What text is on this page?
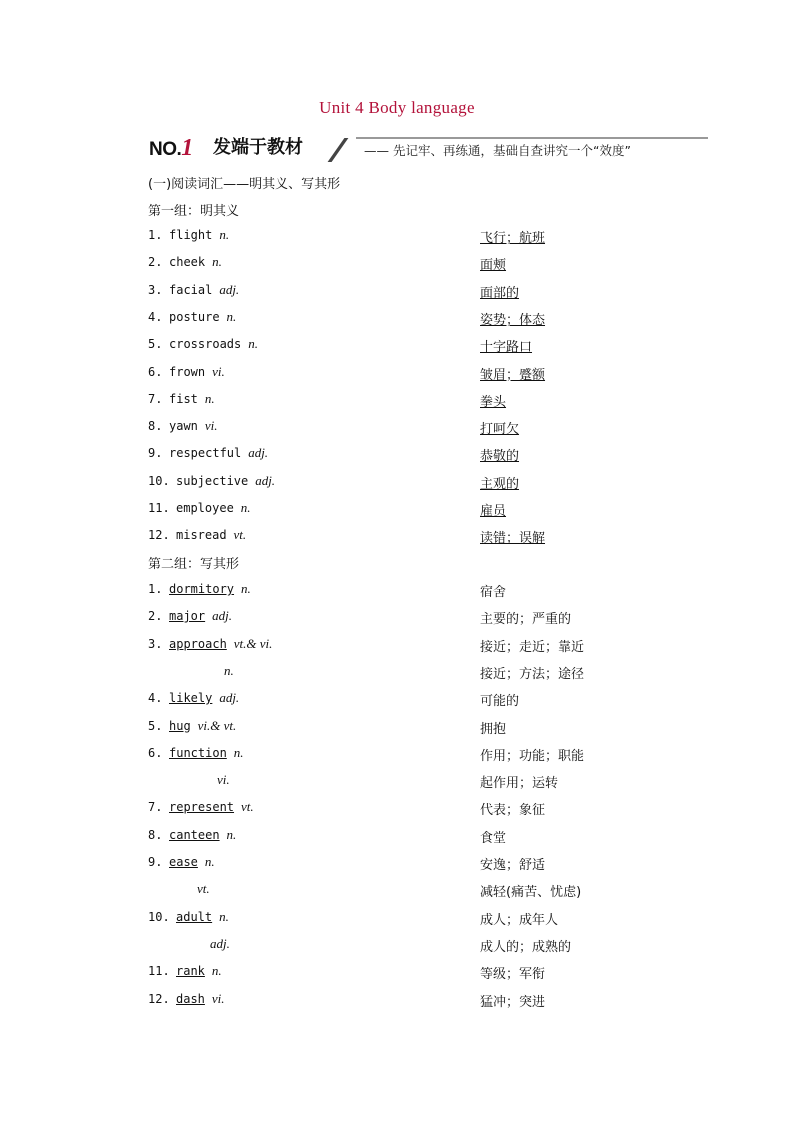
Unit 4 Body language
NO.1 发端于教材	—— 先记牢、再练通，基础自查讲究一个“效度”
(一)阅读词汇——明其义、写其形
第一组：明其义
1. flight n.	飞行；航班
2. cheek n.	面颊
3. facial adj.	面部的
4. posture n.	姿势；体态
5. crossroads n.	十字路口
6. frown vi.	皱眉；蹙额
7. fist n.	拳头
8. yawn vi.	打呵欠
9. respectful adj.	恭敬的
10. subjective adj.	主观的
11. employee n.	雇员
12. misread vt.	读错；误解
第二组：写其形
1. dormitory n.	宿舍
2. major adj.	主要的；严重的
3. approach vt.& vi.	接近；走近；靠近
n.	接近；方法；途径
4. likely adj.	可能的
5. hug vi.& vt.	拥抱
6. function n.	作用；功能；职能
vi.	起作用；运转
7. represent vt.	代表；象征
8. canteen n.	食堂
9. ease n.	安逸；舒适
vt.	减轻(痛苦、忧虑)
10. adult n.	成人；成年人
adj.	成人的；成熟的
11. rank n.	等级；军衔
12. dash vi.	猛冲；突进
